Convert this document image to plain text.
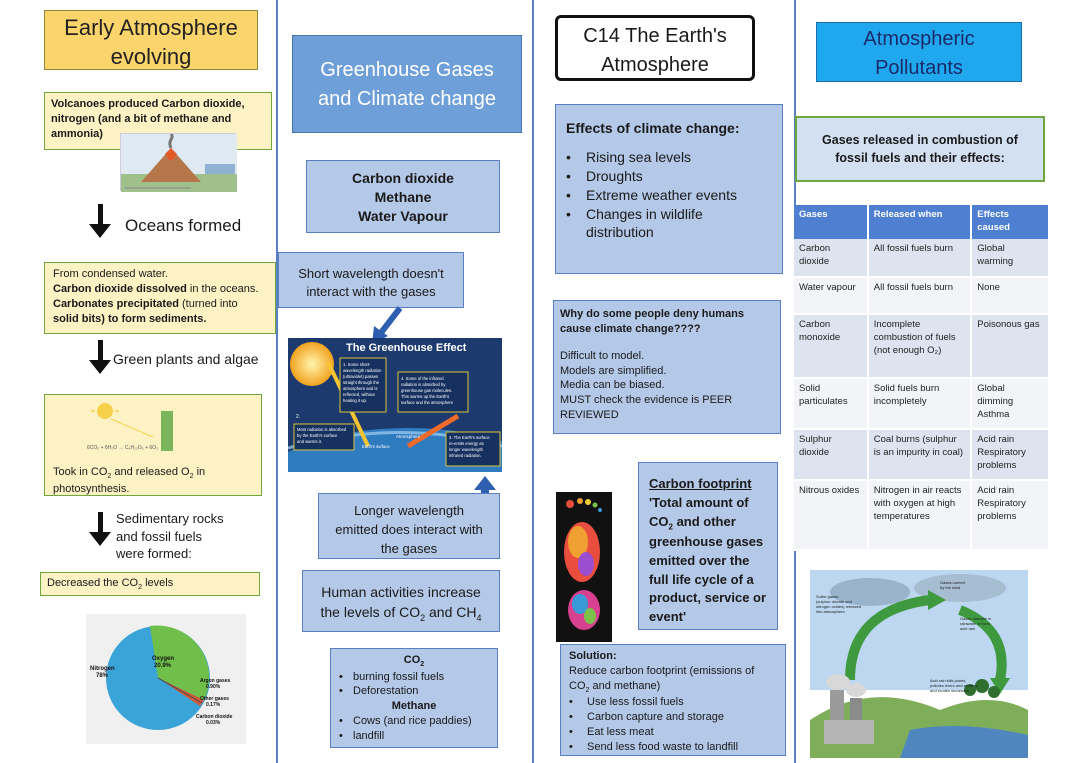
Early Atmosphere
evolving
Volcanoes produced Carbon dioxide, nitrogen (and a bit of methane and ammonia)
Oceans formed
From condensed water.
Carbon dioxide dissolved in the oceans.
Carbonates precipitated (turned into
solid bits) to form sediments.
Green plants and algae
6CO₂ + 6H₂O → C₆H₁₂O₆ + 6O₂
Took in $CO_2$ and released $O_2$ in
photosynthesis.
Sedimentary rocks
and fossil fuels
were formed:
Decreased the $CO_2$ levels
Nitrogen
78%
Oxygen
20.9%
Argon gases
0.90%
Other gases
0.17%
Carbon dioxide
0.03%
Greenhouse Gases
and Climate change
Carbon dioxide
Methane
Water Vapour
Short wavelength doesn't
interact with the gases
1. Some short-
wavelength radiation
(ultraviolet) passes
straight through the
atmosphere and is
reflected, without
heating it up.
4. Some of the infrared
radiation is absorbed by
greenhouse gas molecules.
This warms up the Earth's
surface and the atmosphere
2.
Most radiation is absorbed
by the Earth's surface
and warms it.
3. The Earth's surface
re-emits energy as
longer wavelength
infrared radiation.
Atmosphere
Earth's surface
The Greenhouse Effect
Longer wavelength
emitted does interact with
the gases
Human activities increase
the levels of $CO_2$ and $CH_4$
$CO_2$
• burning fossil fuels
• Deforestation
Methane
• Cows (and rice paddies)
• landfill
C14 The Earth's
Atmosphere
Effects of climate change:
• Rising sea levels
• Droughts
• Extreme weather events
• Changes in wildlife distribution
Why do some people deny humans cause climate change????
Difficult to model.
Models are simplified.
Media can be biased.
MUST check the evidence is PEER REVIEWED
Carbon footprint
'Total amount of $CO_2$ and other greenhouse gases emitted over the full life cycle of a product, service or event'
Solution:
Reduce carbon footprint (emissions of $CO_2$ and methane)
• Use less fossil fuels
• Carbon capture and storage
• Eat less meat
• Send less food waste to landfill
Atmospheric
Pollutants
Gases released in combustion of fossil fuels and their effects:
Gases	Released when	Effects caused
Carbon dioxide	All fossil fuels burn	Global warming
Water vapour	All fossil fuels burn	None
Carbon monoxide	Incomplete combustion of fuels (not enough O₂)	Poisonous gas
Solid particulates	Solid fuels burn incompletely	Global dimming Asthma
Sulphur dioxide	Coal burns (sulphur is an impurity in coal)	Acid rain Respiratory problems
Nitrous oxides	Nitrogen in air reacts with oxygen at high temperatures	Acid rain Respiratory problems
Sulfur gases
(sulphur dioxide and
nitrogen oxides) released
into atmosphere
Gases carried
by the wind
Gases dissolve in
rainwater to form
acid rain
Acid rain kills plants,
pollutes rivers and streams
and erodes stonework
